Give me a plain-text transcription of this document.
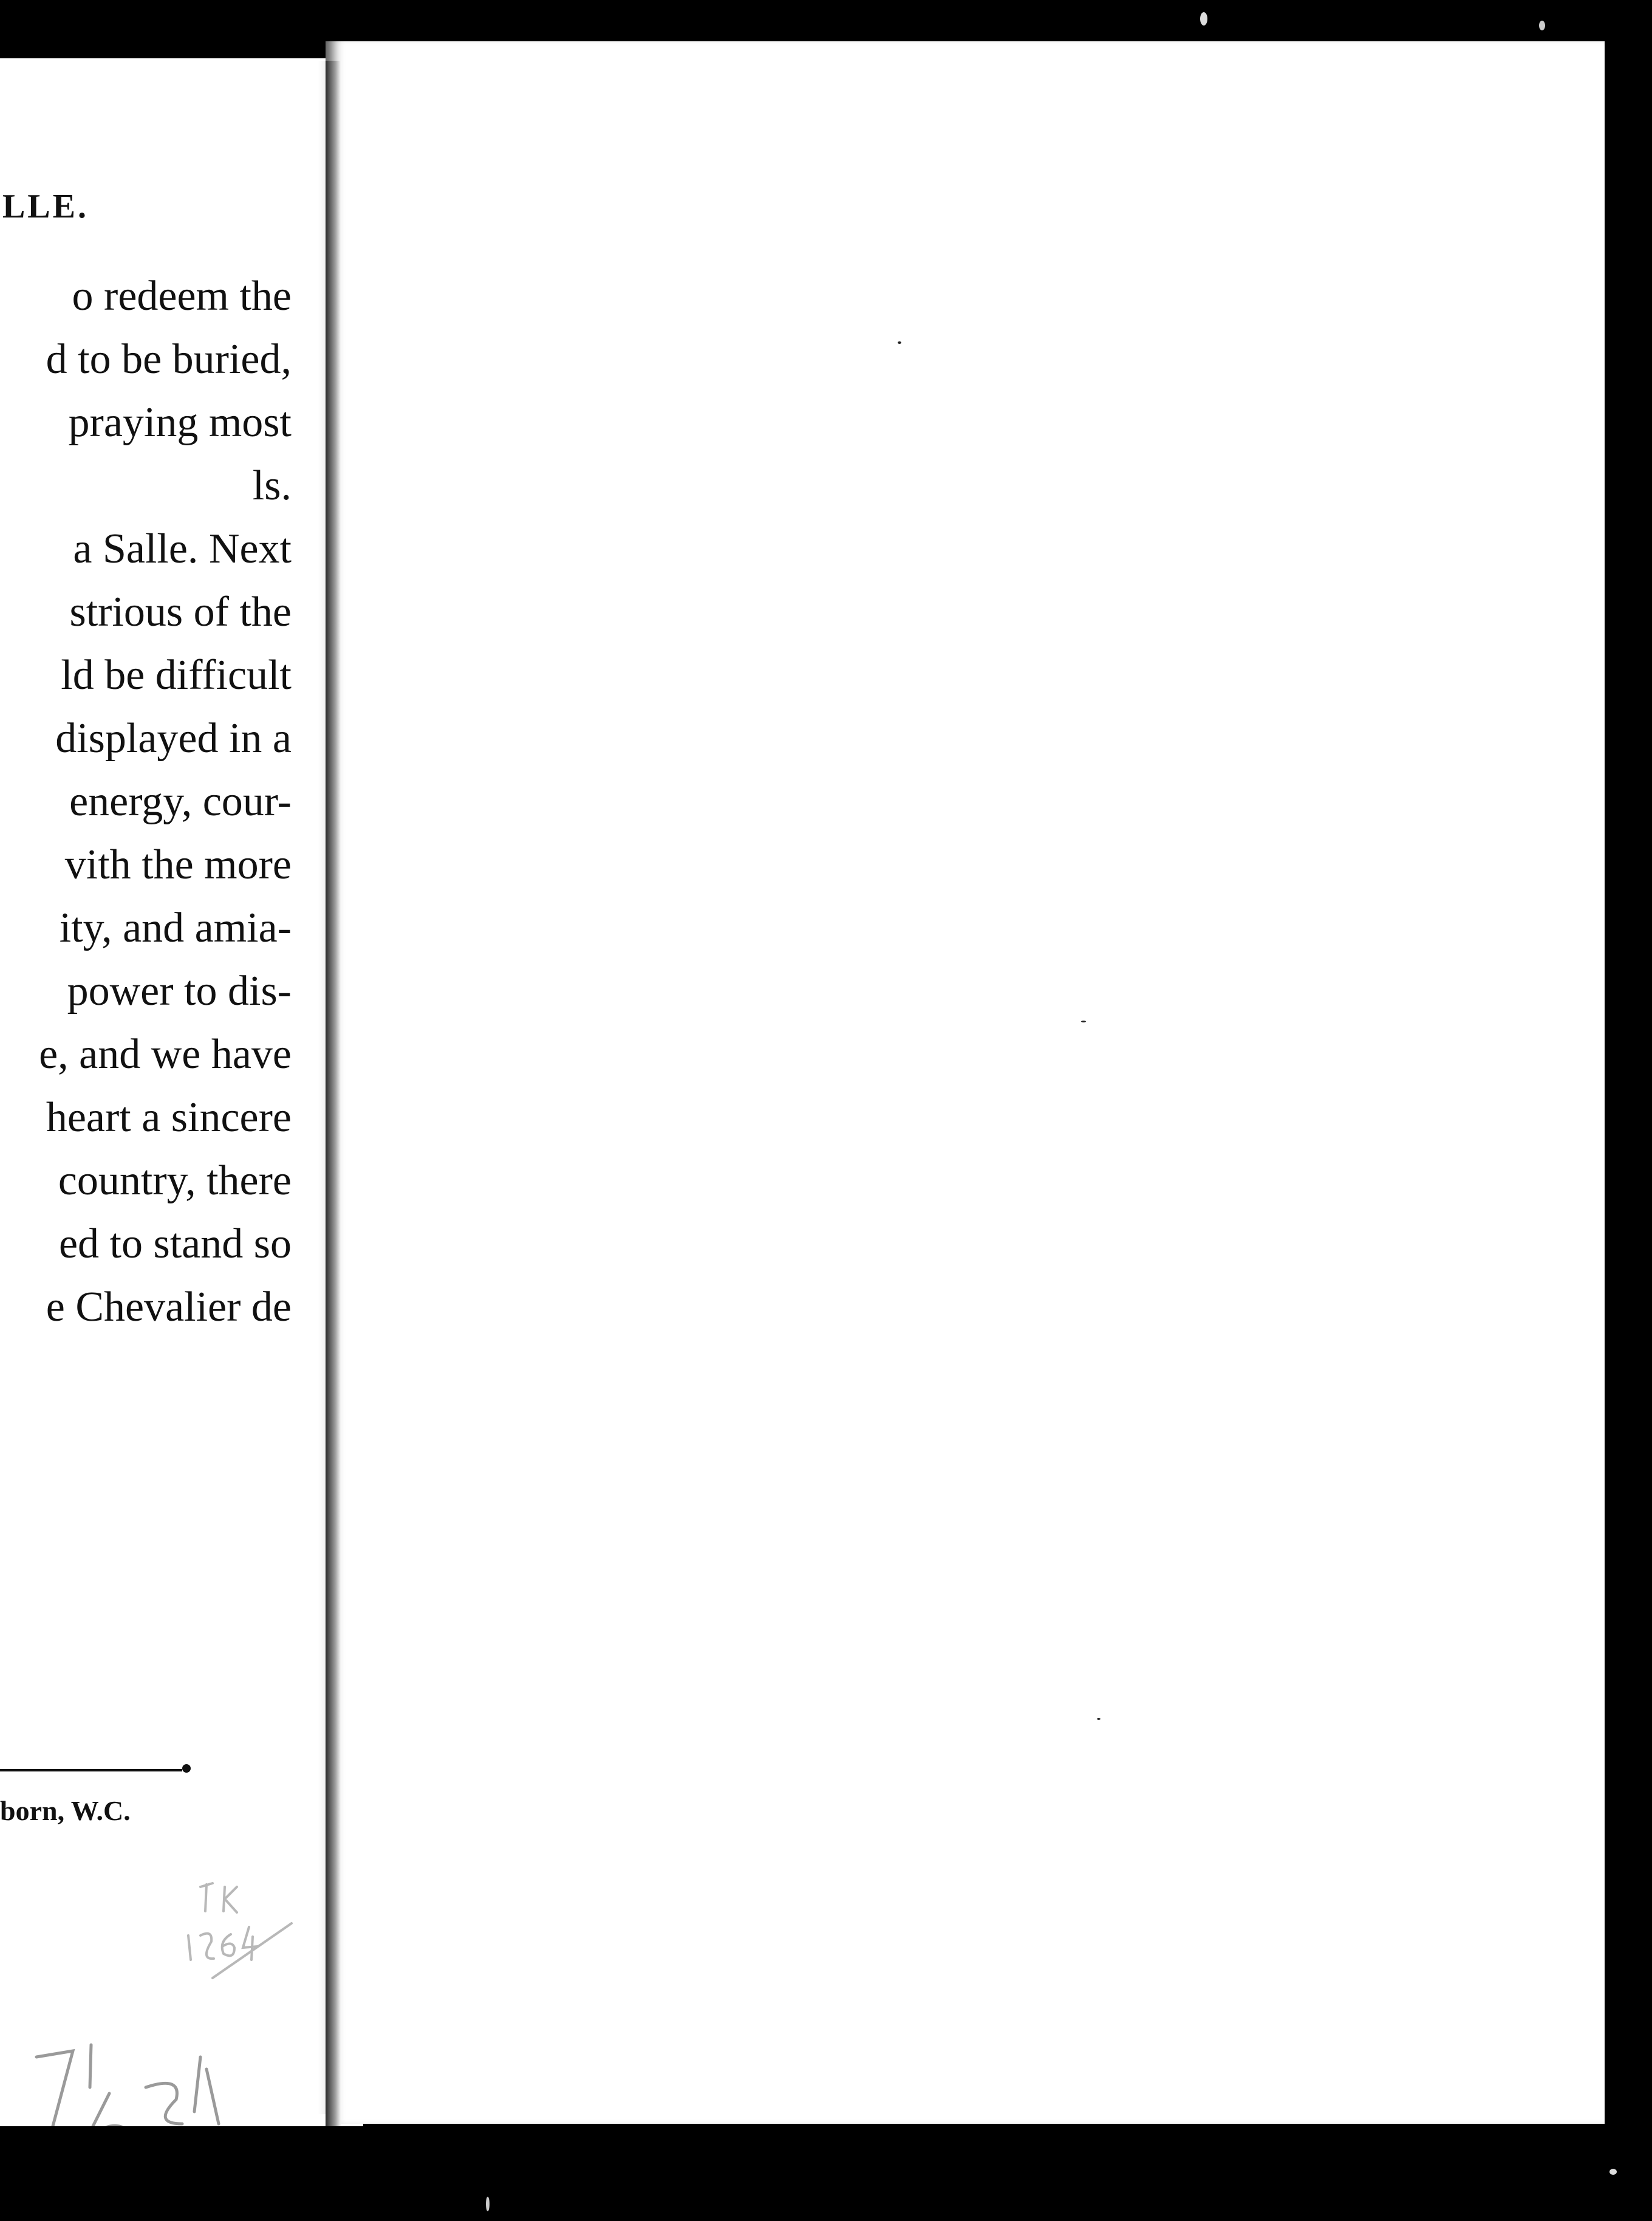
LLE.
o redeem the
d to be buried,
praying most
ls.
a Salle. Next
strious of the
ld be difficult
displayed in a
energy, cour-
vith the more
ity, and amia-
power to dis-
e, and we have
heart a sincere
country, there
ed to stand so
e Chevalier de
born, W.C.
